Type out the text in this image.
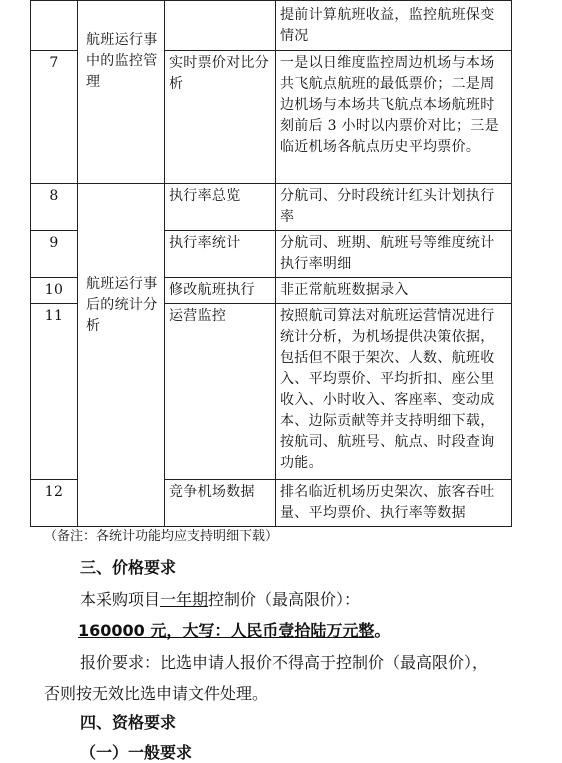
	航班运行事中的监控管理		提前计算航班收益，监控航班保变情况
7		实时票价对比分析	一是以日维度监控周边机场与本场共飞航点航班的最低票价；二是周边机场与本场共飞航点本场航班时刻前后 3 小时以内票价对比；三是临近机场各航点历史平均票价。
8	航班运行事后的统计分析	执行率总览	分航司、分时段统计红头计划执行率
9		执行率统计	分航司、班期、航班号等维度统计执行率明细
10		修改航班执行	非正常航班数据录入
11		运营监控	按照航司算法对航班运营情况进行统计分析，为机场提供决策依据，包括但不限于架次、人数、航班收入、平均票价、平均折扣、座公里收入、小时收入、客座率、变动成本、边际贡献等并支持明细下载，按航司、航班号、航点、时段查询功能。
12		竞争机场数据	排名临近机场历史架次、旅客吞吐量、平均票价、执行率等数据
（备注：各统计功能均应支持明细下载）
三、价格要求
本采购项目一年期控制价（最高限价）：
160000 元，大写：人民币壹拾陆万元整。
报价要求：比选申请人报价不得高于控制价（最高限价），
否则按无效比选申请文件处理。
四、资格要求
（一）一般要求
